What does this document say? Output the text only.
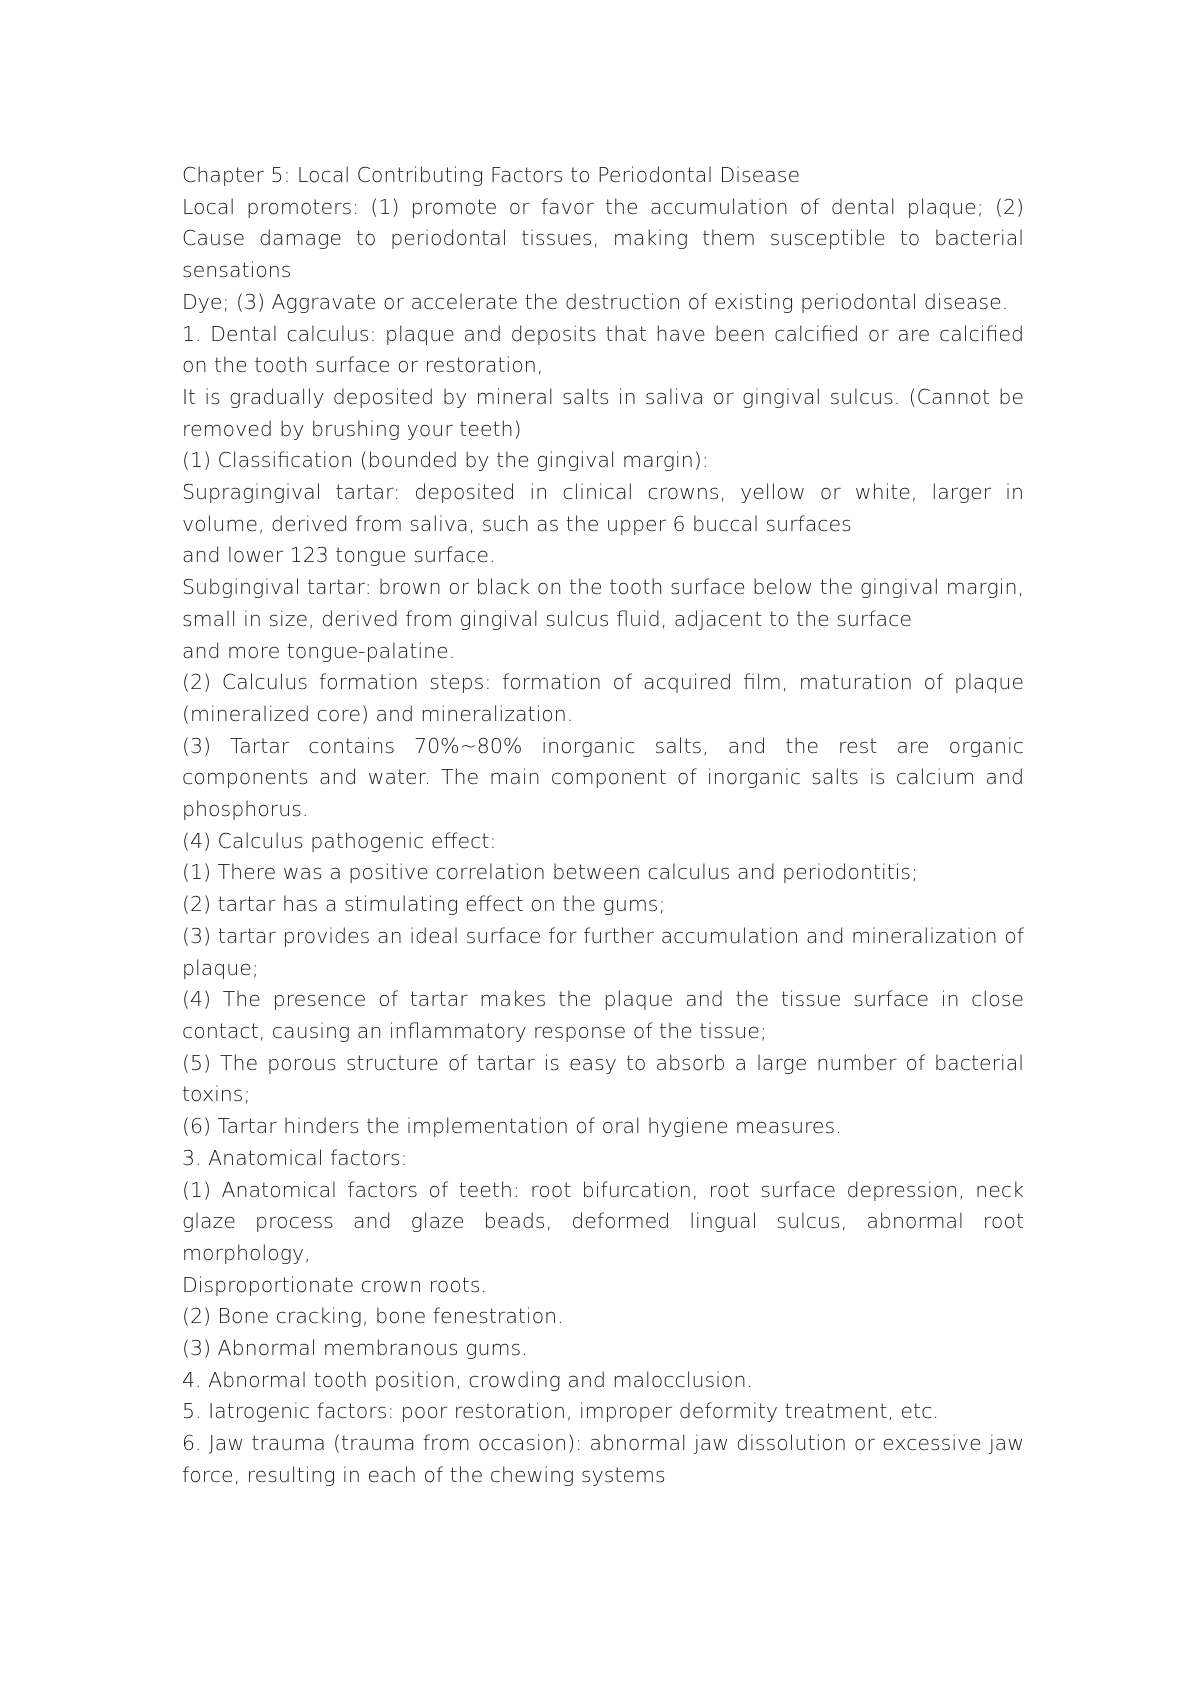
Chapter 5: Local Contributing Factors to Periodontal Disease

Local promoters: (1) promote or favor the accumulation of dental plaque; (2) Cause damage to periodontal tissues, making them susceptible to bacterial sensations

Dye; (3) Aggravate or accelerate the destruction of existing periodontal disease.

1. Dental calculus: plaque and deposits that have been calcified or are calcified on the tooth surface or restoration,

It is gradually deposited by mineral salts in saliva or gingival sulcus. (Cannot be removed by brushing your teeth)

(1) Classification (bounded by the gingival margin):

Supragingival tartar: deposited in clinical crowns, yellow or white, larger in volume, derived from saliva, such as the upper 6 buccal surfaces

and lower 123 tongue surface.

Subgingival tartar: brown or black on the tooth surface below the gingival margin, small in size, derived from gingival sulcus fluid, adjacent to the surface

and more tongue-palatine.

(2) Calculus formation steps: formation of acquired film, maturation of plaque (mineralized core) and mineralization.

(3) Tartar contains 70%~80% inorganic salts, and the rest are organic components and water. The main component of inorganic salts is calcium and phosphorus.

(4) Calculus pathogenic effect:

(1) There was a positive correlation between calculus and periodontitis;

(2) tartar has a stimulating effect on the gums;

(3) tartar provides an ideal surface for further accumulation and mineralization of plaque;

(4) The presence of tartar makes the plaque and the tissue surface in close contact, causing an inflammatory response of the tissue;

(5) The porous structure of tartar is easy to absorb a large number of bacterial toxins;

(6) Tartar hinders the implementation of oral hygiene measures.

3. Anatomical factors:

(1) Anatomical factors of teeth: root bifurcation, root surface depression, neck glaze process and glaze beads, deformed lingual sulcus, abnormal root morphology,

Disproportionate crown roots.

(2) Bone cracking, bone fenestration.

(3) Abnormal membranous gums.

4. Abnormal tooth position, crowding and malocclusion.

5. Iatrogenic factors: poor restoration, improper deformity treatment, etc.

6. Jaw trauma (trauma from occasion): abnormal jaw dissolution or excessive jaw force, resulting in each of the chewing systems
